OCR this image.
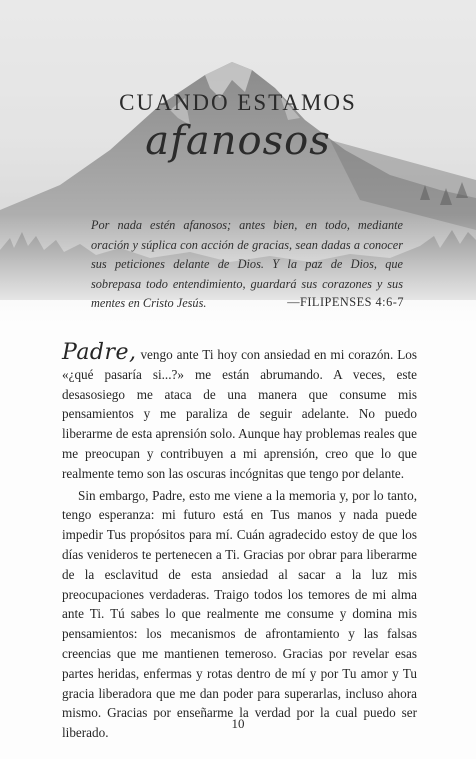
CUANDO ESTAMOS
afanosos
Por nada estén afanosos; antes bien, en todo, mediante oración y súplica con acción de gracias, sean dadas a conocer sus peticiones delante de Dios. Y la paz de Dios, que sobrepasa todo entendimiento, guardará sus corazones y sus mentes en Cristo Jesús.	—FILIPENSES 4:6-7

Padre, vengo ante Ti hoy con ansiedad en mi corazón. Los «¿qué pasaría si...?» me están abrumando. A veces, este desasosiego me ataca de una manera que consume mis pensamientos y me paraliza de seguir adelante. No puedo liberarme de esta aprensión solo. Aunque hay problemas reales que me preocupan y contribuyen a mi aprensión, creo que lo que realmente temo son las oscuras incógnitas que tengo por delante.

Sin embargo, Padre, esto me viene a la memoria y, por lo tanto, tengo esperanza: mi futuro está en Tus manos y nada puede impedir Tus propósitos para mí. Cuán agradecido estoy de que los días venideros te pertenecen a Ti. Gracias por obrar para liberarme de la esclavitud de esta ansiedad al sacar a la luz mis preocupaciones verdaderas. Traigo todos los temores de mi alma ante Ti. Tú sabes lo que realmente me consume y domina mis pensamientos: los mecanismos de afrontamiento y las falsas creencias que me mantienen temeroso. Gracias por revelar esas partes heridas, enfermas y rotas dentro de mí y por Tu amor y Tu gracia liberadora que me dan poder para superarlas, incluso ahora mismo. Gracias por enseñarme la verdad por la cual puedo ser liberado.

10
